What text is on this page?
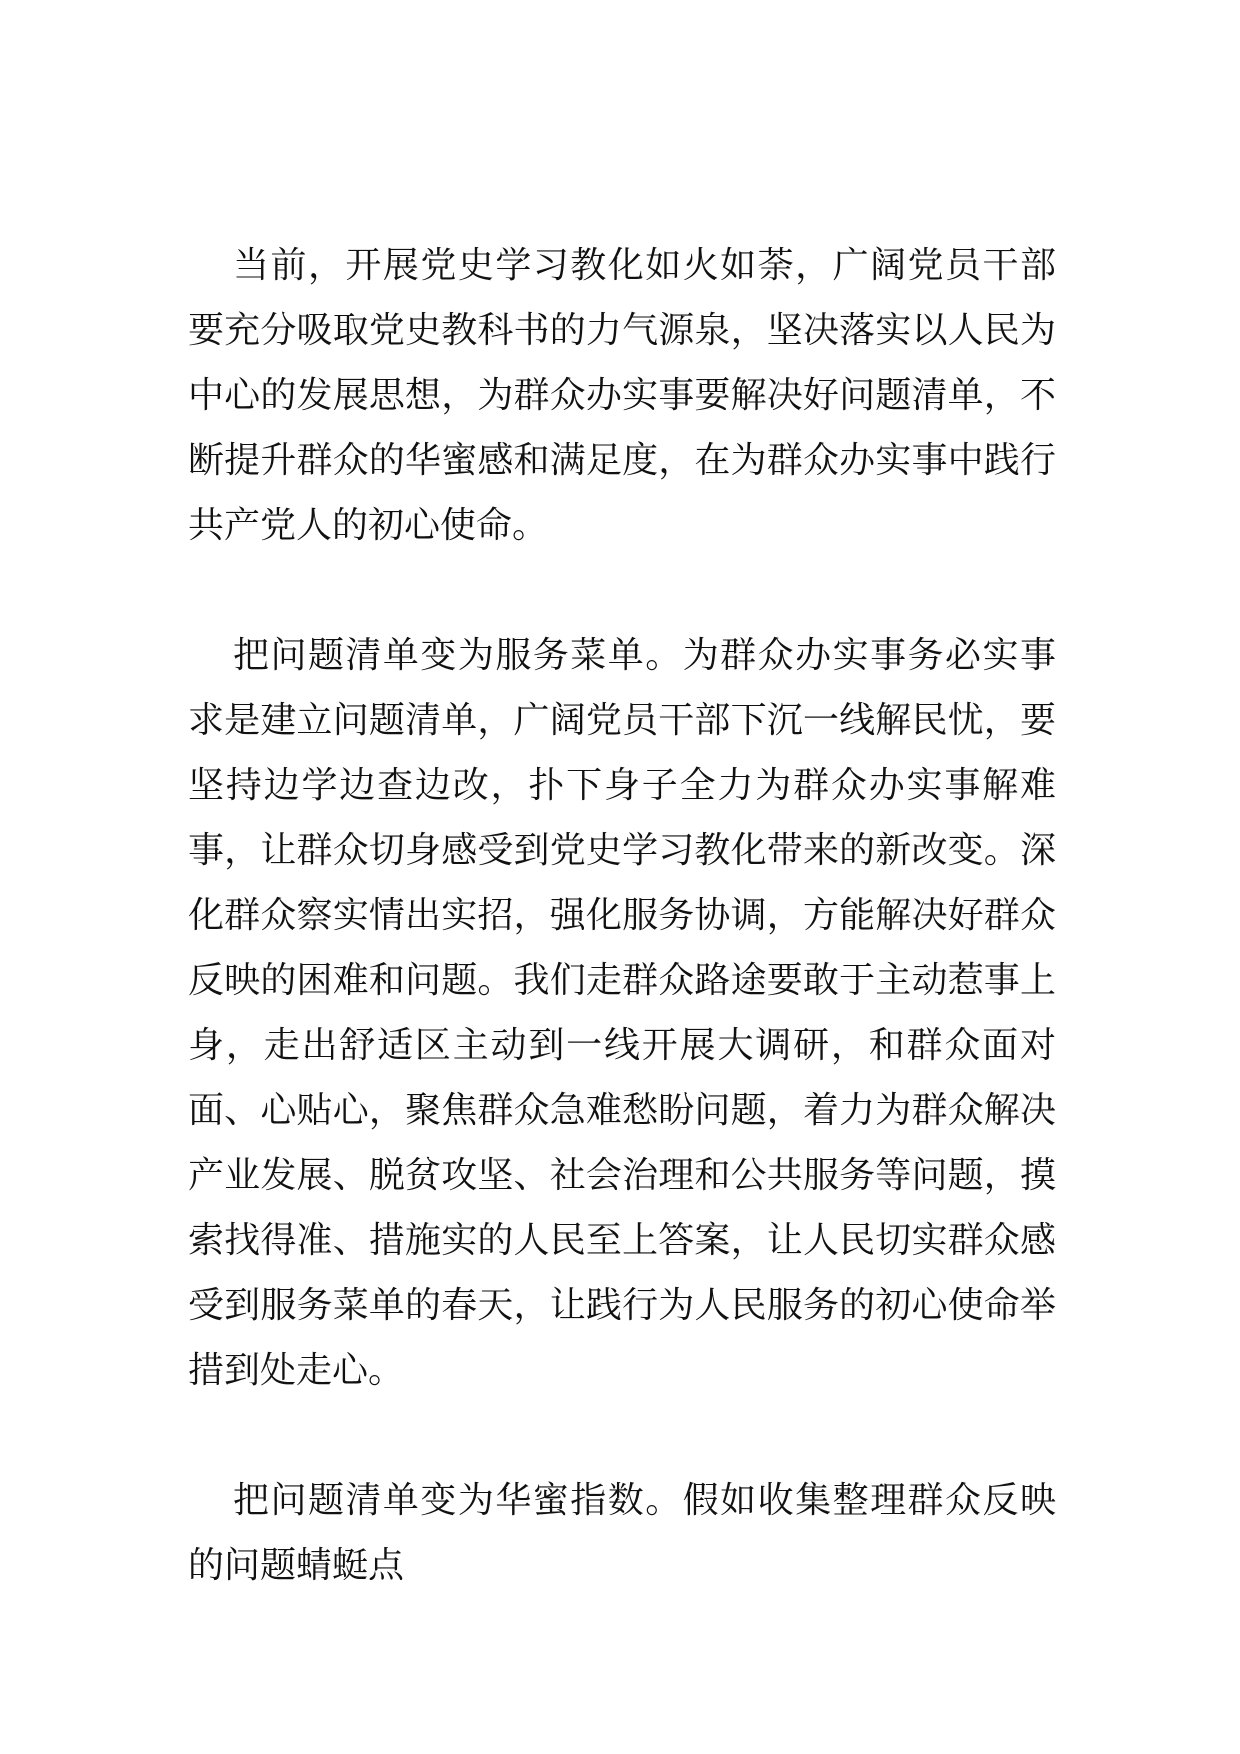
当前，开展党史学习教化如火如荼，广阔党员干部要充分吸取党史教科书的力气源泉，坚决落实以人民为中心的发展思想，为群众办实事要解决好问题清单，不断提升群众的华蜜感和满足度，在为群众办实事中践行共产党人的初心使命。

把问题清单变为服务菜单。为群众办实事务必实事求是建立问题清单，广阔党员干部下沉一线解民忧，要坚持边学边查边改，扑下身子全力为群众办实事解难事，让群众切身感受到党史学习教化带来的新改变。深化群众察实情出实招，强化服务协调，方能解决好群众反映的困难和问题。我们走群众路途要敢于主动惹事上身，走出舒适区主动到一线开展大调研，和群众面对面、心贴心，聚焦群众急难愁盼问题，着力为群众解决产业发展、脱贫攻坚、社会治理和公共服务等问题，摸索找得准、措施实的人民至上答案，让人民切实群众感受到服务菜单的春天，让践行为人民服务的初心使命举措到处走心。

把问题清单变为华蜜指数。假如收集整理群众反映的问题蜻蜓点
